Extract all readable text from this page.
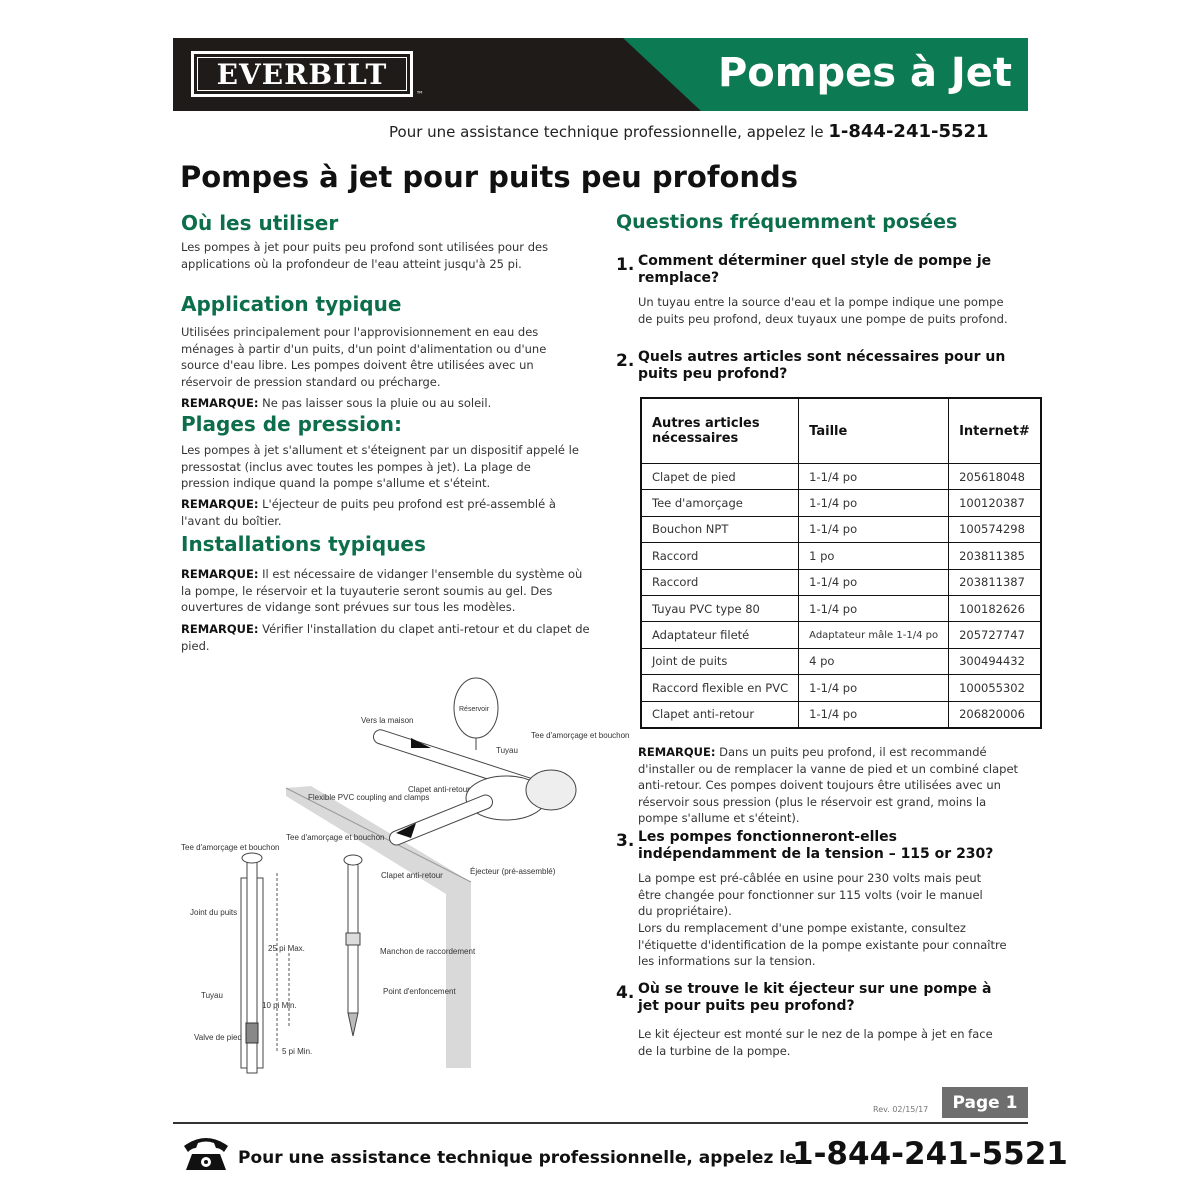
EVERBILT
™	Pompes à Jet
Pour une assistance technique professionnelle, appelez le 1-844-241-5521
Pompes à jet pour puits peu profonds
Où les utiliser
Les pompes à jet pour puits peu profond sont utilisées pour des applications où la profondeur de l'eau atteint jusqu'à 25 pi.
Application typique
Utilisées principalement pour l'approvisionnement en eau des ménages à partir d'un puits, d'un point d'alimentation ou d'une source d'eau libre. Les pompes doivent être utilisées avec un réservoir de pression standard ou précharge.
REMARQUE: Ne pas laisser sous la pluie ou au soleil.
Plages de pression:
Les pompes à jet s'allument et s'éteignent par un dispositif appelé le pressostat (inclus avec toutes les pompes à jet). La plage de pression indique quand la pompe s'allume et s'éteint.
REMARQUE: L'éjecteur de puits peu profond est pré-assemblé à l'avant du boîtier.
Installations typiques
REMARQUE: Il est nécessaire de vidanger l'ensemble du système où la pompe, le réservoir et la tuyauterie seront soumis au gel. Des ouvertures de vidange sont prévues sur tous les modèles.
REMARQUE: Vérifier l'installation du clapet anti-retour et du clapet de pied.
Réservoir
Vers la maison
Tee d'amorçage et bouchon
Tuyau
Flexible PVC coupling and clamps
Clapet anti-retour
Tee d'amorçage et bouchon
Tee d'amorçage et bouchon
Éjecteur (pré-assemblé)
Clapet anti-retour
Joint du puits
25 pi Max.	Manchon de raccordement
Tuyau
10 pi Min.
Point d'enfoncement
Valve de pied
5 pi Min.
Questions fréquemment posées
1. Comment déterminer quel style de pompe je remplace?
Un tuyau entre la source d'eau et la pompe indique une pompe de puits peu profond, deux tuyaux une pompe de puits profond.
2. Quels autres articles sont nécessaires pour un puits peu profond?
Autres articles nécessaires	Taille	Internet#
Clapet de pied	1-1/4 po	205618048
Tee d'amorçage	1-1/4 po	100120387
Bouchon NPT	1-1/4 po	100574298
Raccord	1 po	203811385
Raccord	1-1/4 po	203811387
Tuyau PVC type 80	1-1/4 po	100182626
Adaptateur fileté	Adaptateur mâle 1-1/4 po	205727747
Joint de puits	4 po	300494432
Raccord flexible en PVC	1-1/4 po	100055302
Clapet anti-retour	1-1/4 po	206820006
REMARQUE: Dans un puits peu profond, il est recommandé d'installer ou de remplacer la vanne de pied et un combiné clapet anti-retour. Ces pompes doivent toujours être utilisées avec un réservoir sous pression (plus le réservoir est grand, moins la pompe s'allume et s'éteint).
3. Les pompes fonctionneront-elles indépendamment de la tension – 115 or 230?
La pompe est pré-câblée en usine pour 230 volts mais peut être changée pour fonctionner sur 115 volts (voir le manuel du propriétaire).
Lors du remplacement d'une pompe existante, consultez l'étiquette d'identification de la pompe existante pour connaître les informations sur la tension.
4. Où se trouve le kit éjecteur sur une pompe à jet pour puits peu profond?
Le kit éjecteur est monté sur le nez de la pompe à jet en face de la turbine de la pompe.
Rev. 02/15/17	Page 1
Pour une assistance technique professionnelle, appelez le
1-844-241-5521
